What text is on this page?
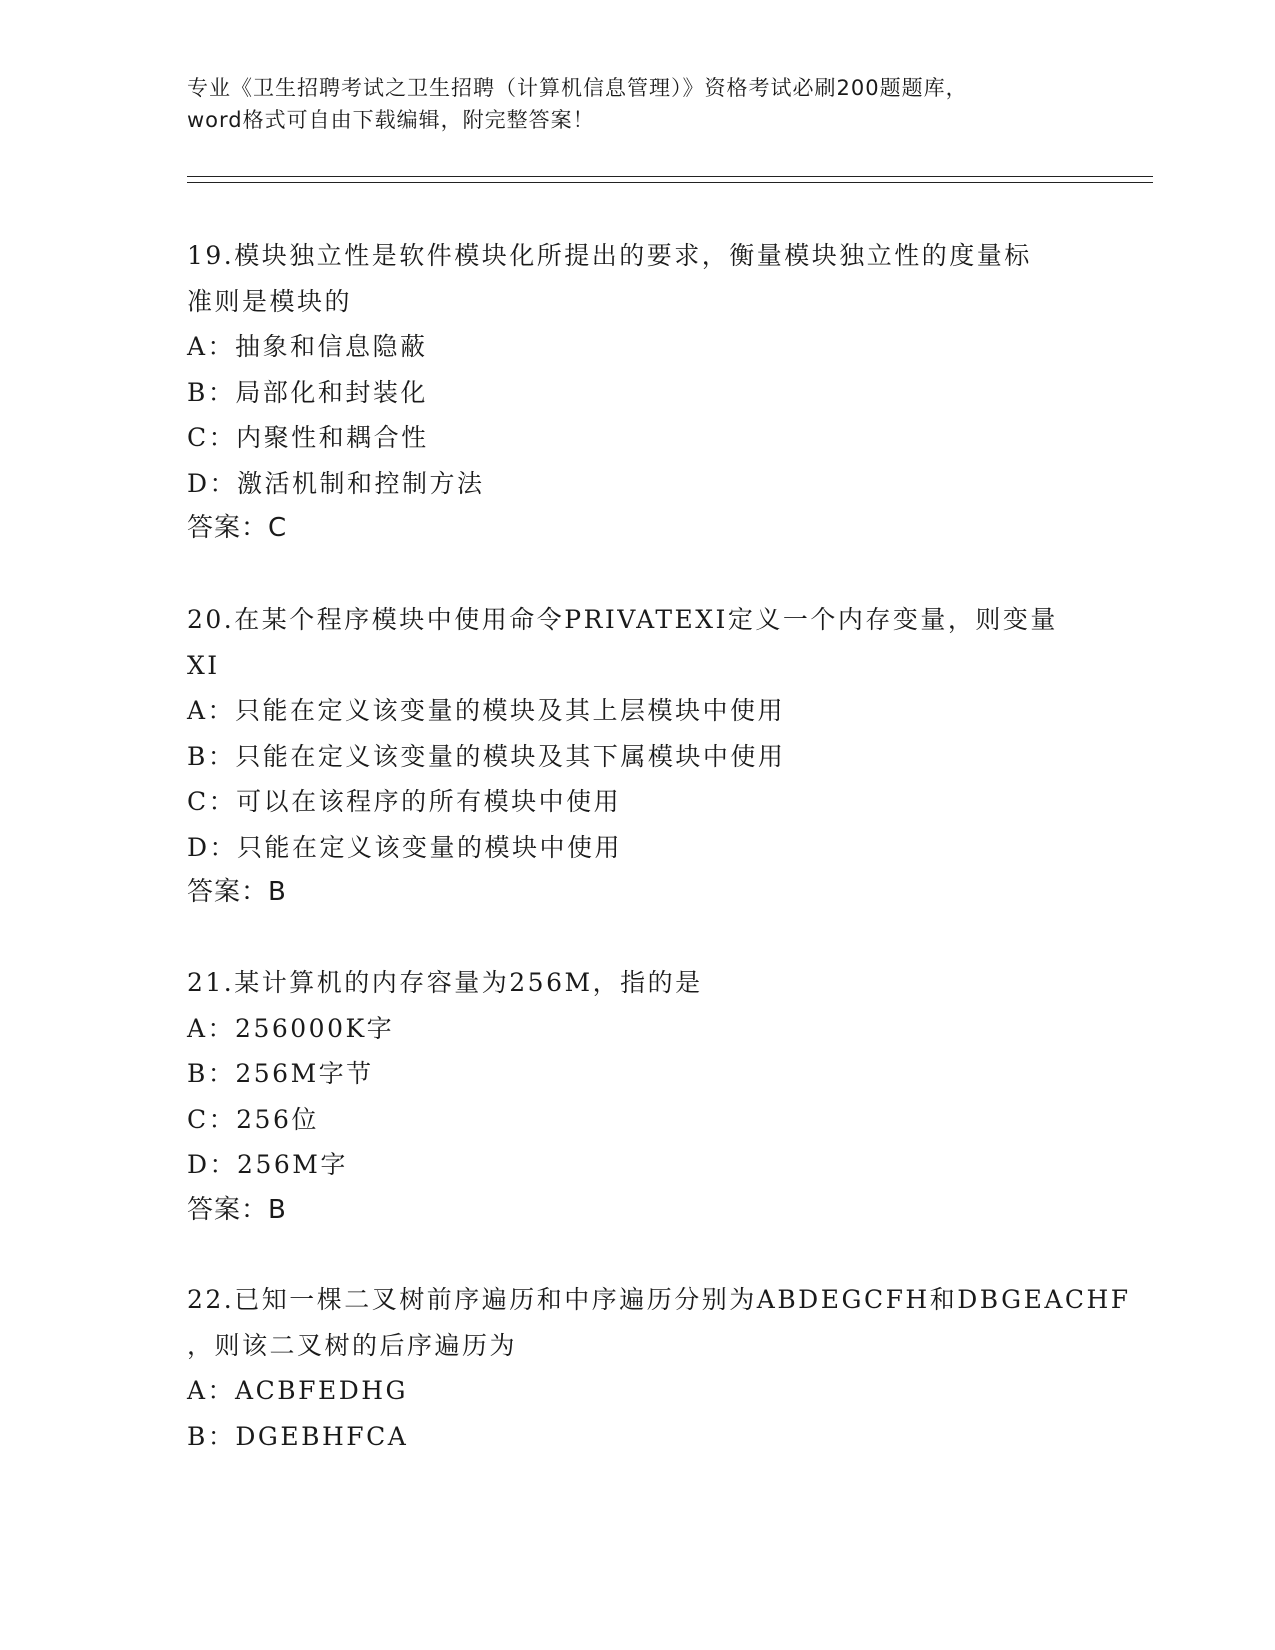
专业《卫生招聘考试之卫生招聘（计算机信息管理）》资格考试必刷200题题库，
word格式可自由下载编辑，附完整答案！
19.模块独立性是软件模块化所提出的要求，衡量模块独立性的度量标
准则是模块的
A：抽象和信息隐蔽
B：局部化和封装化
C：内聚性和耦合性
D：激活机制和控制方法
答案：C
20.在某个程序模块中使用命令PRIVATEXI定义一个内存变量，则变量
XI
A：只能在定义该变量的模块及其上层模块中使用
B：只能在定义该变量的模块及其下属模块中使用
C：可以在该程序的所有模块中使用
D：只能在定义该变量的模块中使用
答案：B
21.某计算机的内存容量为256M，指的是
A：256000K字
B：256M字节
C：256位
D：256M字
答案：B
22.已知一棵二叉树前序遍历和中序遍历分别为ABDEGCFH和DBGEACHF
，则该二叉树的后序遍历为
A：ACBFEDHG
B：DGEBHFCA
